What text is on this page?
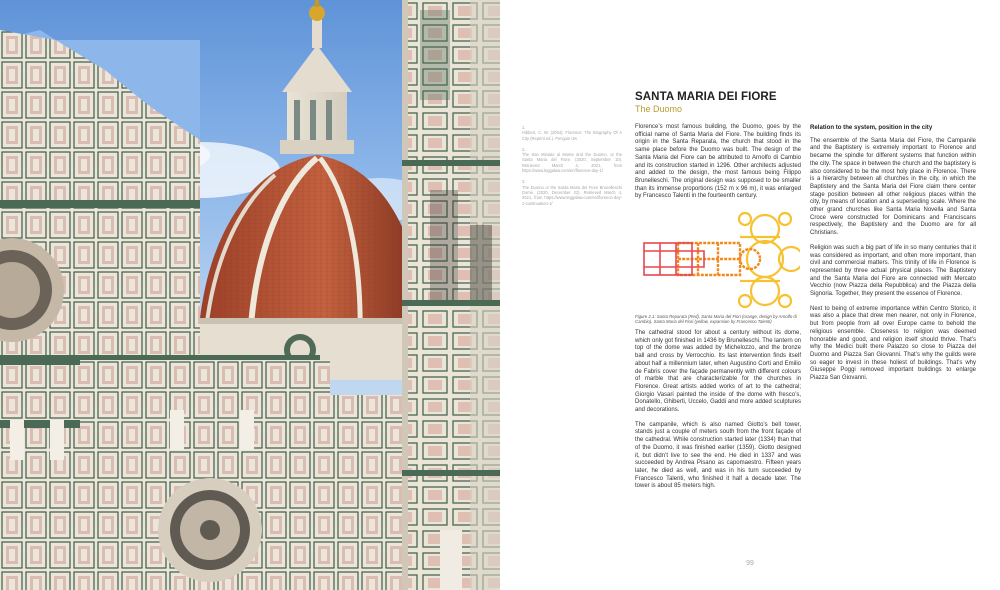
SANTA MARIA DEI FIORE
The Duomo
1.
Hibbert, C. W. (2004). Florence: The Biography Of A City (Reprint ed.). Penguin UK.
2.
The San Miniato al Monte and the Duomo, or the Santa Maria del Fiore. (2020, September 10). Retrieved March 4, 2021, from https://www.leggalaw.com/en/florence-day-1/
3.
The Duomo or the Santa Maria del Fiore Brunelleschi Dome. (2020, December 22). Retrieved March 4, 2021, from https://www.leggalaw.com/en/florence-day-1-continuation-1/

Florence’s most famous building, the Duomo, goes by the official name of Santa Maria del Fiore. The building finds its origin in the Santa Reparata, the church that stood in the same place before the Duomo was built. The design of the Santa Maria del Fiore can be attributed to Arnolfo di Cambio and its construction started in 1296. Other architects adjusted and added to the design, the most famous being Filippo Brunelleschi. The original design was supposed to be smaller than its immense proportions (152 m x 96 m), it was enlarged by Francesco Talenti in the fourteenth century.

Figure 2.1: Santa Reparata (Red), Santa Maria del Fiori (orange, design by Arnolfo di Cambio), Santa Maria del Fiori (yellow, expansion by Francesco Talenti)

The cathedral stood for about a century without its dome, which only got finished in 1436 by Brunelleschi. The lantern on top of the dome was added by Michelozzo, and the bronze ball and cross by Verrocchio. Its last intervention finds itself about half a millennium later, when Augustino Corti and Emilio de Fabris cover the façade permanently with different colours of marble that are characterizable for the churches in Florence. Great artists added works of art to the cathedral; Giorgio Vasari painted the inside of the dome with fresco’s, Donatello, Ghiberti, Uccelo, Gaddi and more added sculptures and decorations.

The campanile, which is also named Giotto’s bell tower, stands just a couple of meters south from the front façade of the cathedral. While construction started later (1334) than that of the Duomo, it was finished earlier (1359). Giotto designed it, but didn’t live to see the end. He died in 1337 and was succeeded by Andrea Pisano as capomaestro. Fifteen years later, he died as well, and was in his turn succeeded by Francesco Talenti, who finished it half a decade later. The tower is about 85 meters high.

Relation to the system, position in the city

The ensemble of the Santa Maria del Fiore, the Campanile and the Baptistery is extremely important to Florence and became the spindle for different systems that function within the city. The space in between the church and the baptistery is also considered to be the most holy place in Florence. There is a hierarchy between all churches in the city, in which the Baptistery and the Santa Maria del Fiore claim there center stage position between all other religious places within the city, by means of location and a superseding scale. Where the other grand churches like Santa Maria Novella and Santa Croce were constructed for Dominicans and Franciscans respectively, the Baptistery and the Duomo are for all Christians.

Religion was such a big part of life in so many centuries that it was considered as important, and often more important, than civil and commercial matters. This trinity of life in Florence is represented by three actual physical places. The Baptistery and the Santa Maria del Fiore are connected with Mercato Vecchio (now Piazza della Repubblica) and the Piazza della Signoria. Together, they present the essence of Florence.

Next to being of extreme importance within Centro Storico, it was also a place that drew men nearer, not only in Florence, but from people from all over Europe came to behold the religious ensemble. Closeness to religion was deemed honorable and good, and religion itself should thrive. That’s why the Medici built there Palazzo so close to Piazza del Duomo and Piazza San Giovanni. That’s why the guilds were so eager to invest in these holiest of buildings. That’s why Giuseppe Poggi removed important buildings to enlarge Piazza San Giovanni.

99
